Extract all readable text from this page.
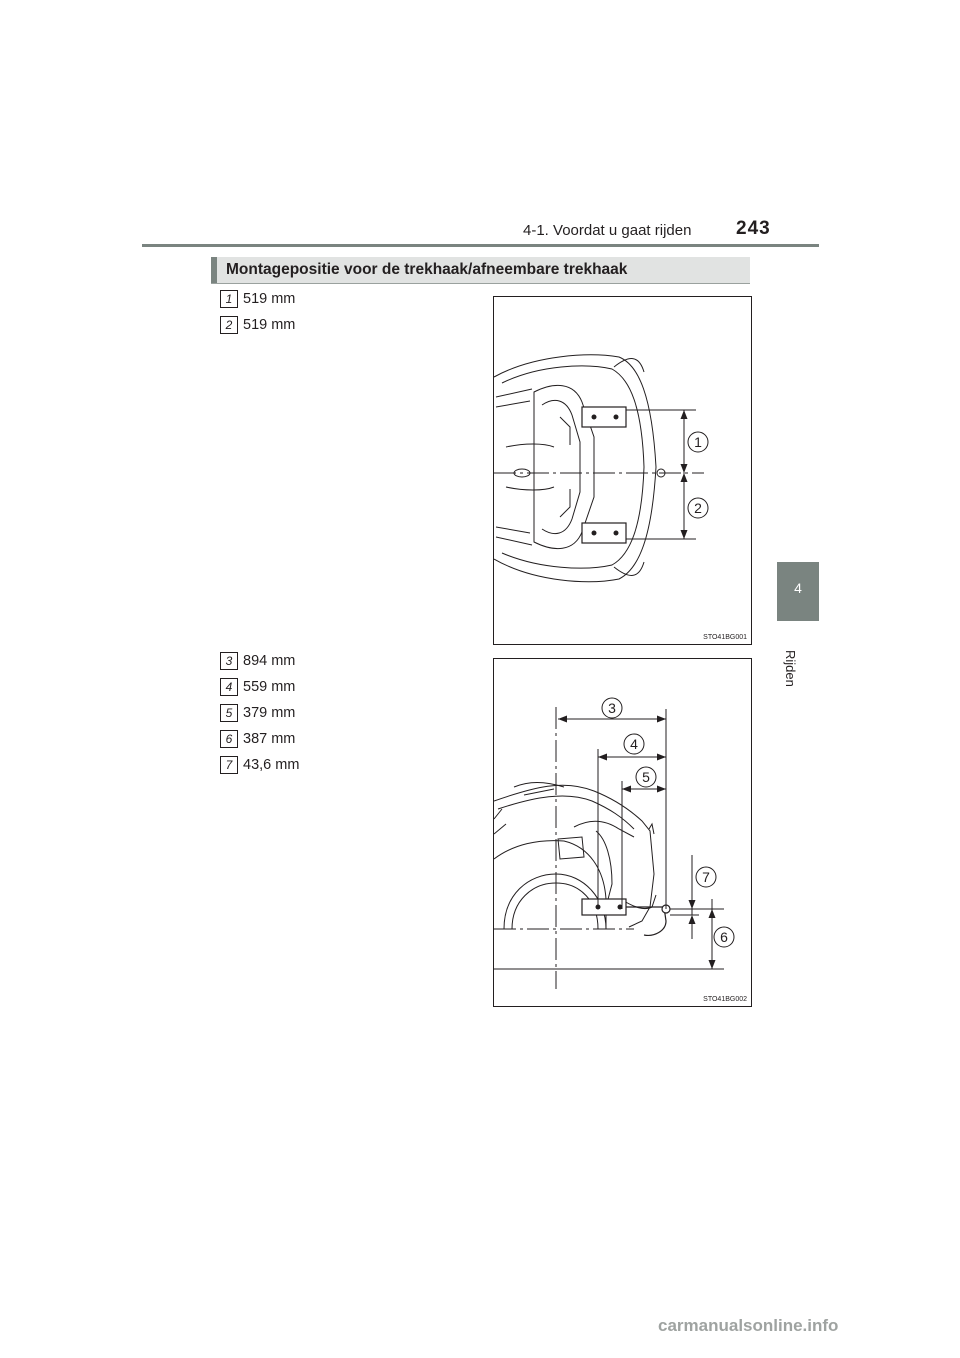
4-1. Voordat u gaat rijden 243
4
Rijden
Montagepositie voor de trekhaak/afneembare trekhaak
1 519 mm
2 519 mm
3 894 mm
4 559 mm
5 379 mm
6 387 mm
7 43,6 mm
1
2
STO41BG001
3
4
5
7
6
STO41BG002
carmanualsonline.info
